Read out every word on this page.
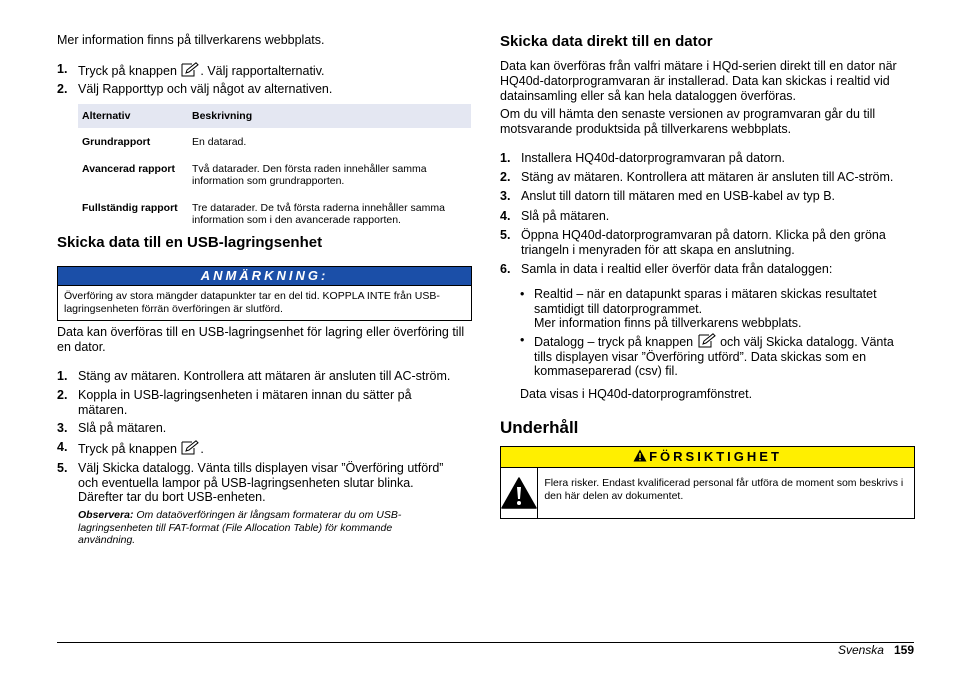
Mer information finns på tillverkarens webbplats.

1. Tryck på knappen . Välj rapportalternativ.
2. Välj Rapporttyp och välj något av alternativen.
Alternativ	Beskrivning
Grundrapport	En datarad.
Avancerad rapport	Två datarader. Den första raden innehåller samma information som grundrapporten.
Fullständig rapport	Tre datarader. De två första raderna innehåller samma information som i den avancerade rapporten.
Skicka data till en USB-lagringsenhet
ANMÄRKNING:
Överföring av stora mängder datapunkter tar en del tid. KOPPLA INTE från USB-lagringsenheten förrän överföringen är slutförd.

Data kan överföras till en USB-lagringsenhet för lagring eller överföring till en dator.

1. Stäng av mätaren. Kontrollera att mätaren är ansluten till AC-ström.
2. Koppla in USB-lagringsenheten i mätaren innan du sätter på mätaren.
3. Slå på mätaren.
4. Tryck på knappen .
5. Välj Skicka datalogg. Vänta tills displayen visar ”Överföring utförd” och eventuella lampor på USB-lagringsenheten slutar blinka. Därefter tar du bort USB-enheten.
Observera: Om dataöverföringen är långsam formaterar du om USB-lagringsenheten till FAT-format (File Allocation Table) för kommande användning.
Skicka data direkt till en dator

Data kan överföras från valfri mätare i HQd-serien direkt till en dator när HQ40d-datorprogramvaran är installerad. Data kan skickas i realtid vid datainsamling eller så kan hela dataloggen överföras.

Om du vill hämta den senaste versionen av programvaran går du till motsvarande produktsida på tillverkarens webbplats.

1. Installera HQ40d-datorprogramvaran på datorn.
2. Stäng av mätaren. Kontrollera att mätaren är ansluten till AC-ström.
3. Anslut till datorn till mätaren med en USB-kabel av typ B.
4. Slå på mätaren.
5. Öppna HQ40d-datorprogramvaran på datorn. Klicka på den gröna triangeln i menyraden för att skapa en anslutning.
6. Samla in data i realtid eller överför data från dataloggen:
• Realtid – när en datapunkt sparas i mätaren skickas resultatet samtidigt till datorprogrammet.
Mer information finns på tillverkarens webbplats.
• Datalogg – tryck på knappen  och välj Skicka datalogg. Vänta tills displayen visar ”Överföring utförd”. Data skickas som en kommaseparerad (csv) fil.

Data visas i HQ40d-datorprogramfönstret.

Underhåll
FÖRSIKTIGHET
Flera risker. Endast kvalificerad personal får utföra de moment som beskrivs i den här delen av dokumentet.
Svenska 159
